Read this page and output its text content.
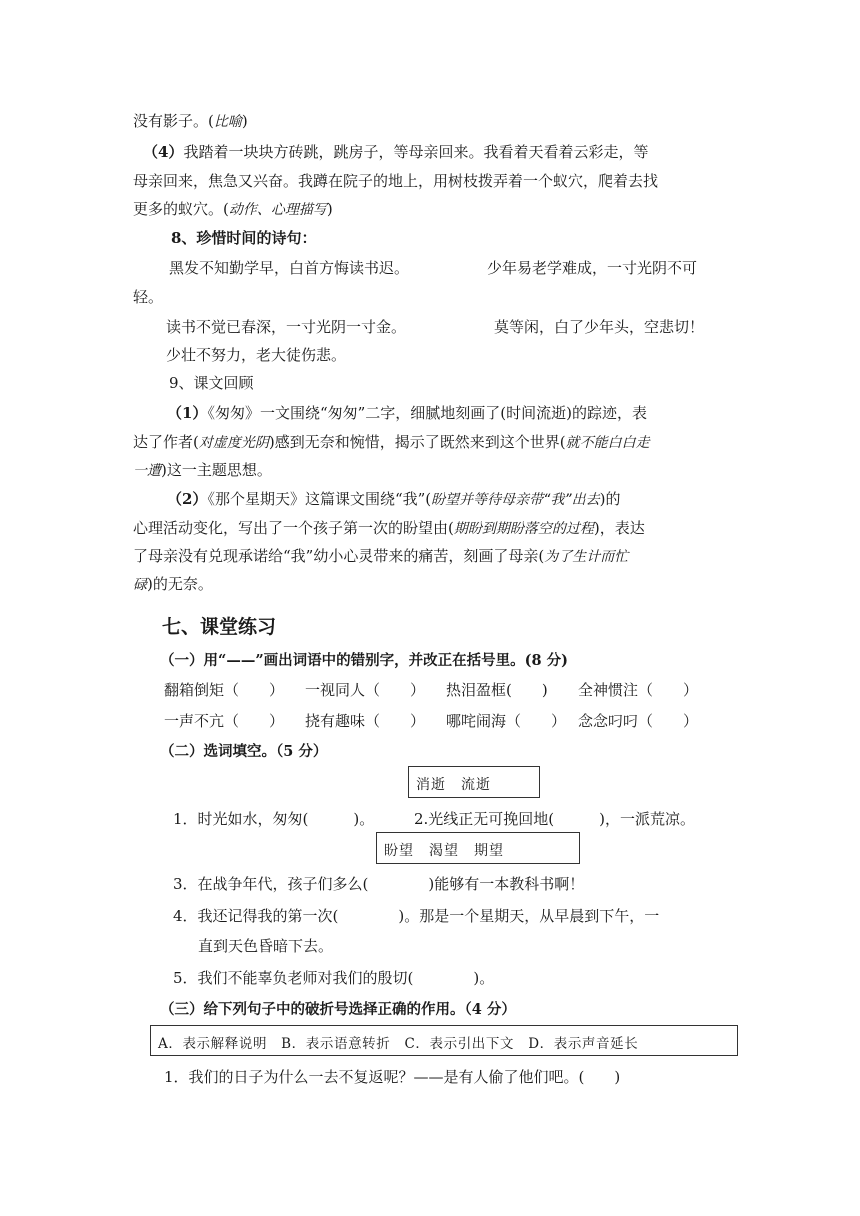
没有影子。(比喻)
（4）我踏着一块块方砖跳，跳房子，等母亲回来。我看着天看着云彩走，等
母亲回来，焦急又兴奋。我蹲在院子的地上，用树枝拨弄着一个蚁穴，爬着去找
更多的蚁穴。(动作、心理描写)
8、珍惜时间的诗句：
黑发不知勤学早，白首方悔读书迟。	少年易老学难成，一寸光阴不可
轻。
读书不觉已春深，一寸光阴一寸金。	莫等闲，白了少年头，空悲切！
少壮不努力，老大徒伤悲。
9、课文回顾
（1）《匆匆》一文围绕“匆匆”二字，细腻地刻画了(时间流逝)的踪迹，表
达了作者(对虚度光阴)感到无奈和惋惜，揭示了既然来到这个世界(就不能白白走
一遭)这一主题思想。
（2）《那个星期天》这篇课文围绕“我”(盼望并等待母亲带“我”出去)的
心理活动变化，写出了一个孩子第一次的盼望由(期盼到期盼落空的过程)，表达
了母亲没有兑现承诺给“我”幼小心灵带来的痛苦，刻画了母亲(为了生计而忙
碌)的无奈。
七、课堂练习
（一）用“——”画出词语中的错别字，并改正在括号里。(8 分)
翻箱倒矩（　　） 一视同人（　　） 热泪盈框(　　) 全神惯注（　　）
一声不亢（　　） 挠有趣味（　　） 哪咤闹海（　　） 念念叼叼（　　）
（二）选词填空。（5 分）
消逝　流逝
1．时光如水，匆匆(　　　)。	2.光线正无可挽回地(　　　)，一派荒凉。
盼望　渴望　期望
3．在战争年代，孩子们多么(　　　　)能够有一本教科书啊！
4．我还记得我的第一次(　　　　)。那是一个星期天，从早晨到下午，一
直到天色昏暗下去。
5．我们不能辜负老师对我们的殷切(　　　　)。
（三）给下列句子中的破折号选择正确的作用。（4 分）
A．表示解释说明　B．表示语意转折　C．表示引出下文　D．表示声音延长
1．我们的日子为什么一去不复返呢？——是有人偷了他们吧。(　　)
